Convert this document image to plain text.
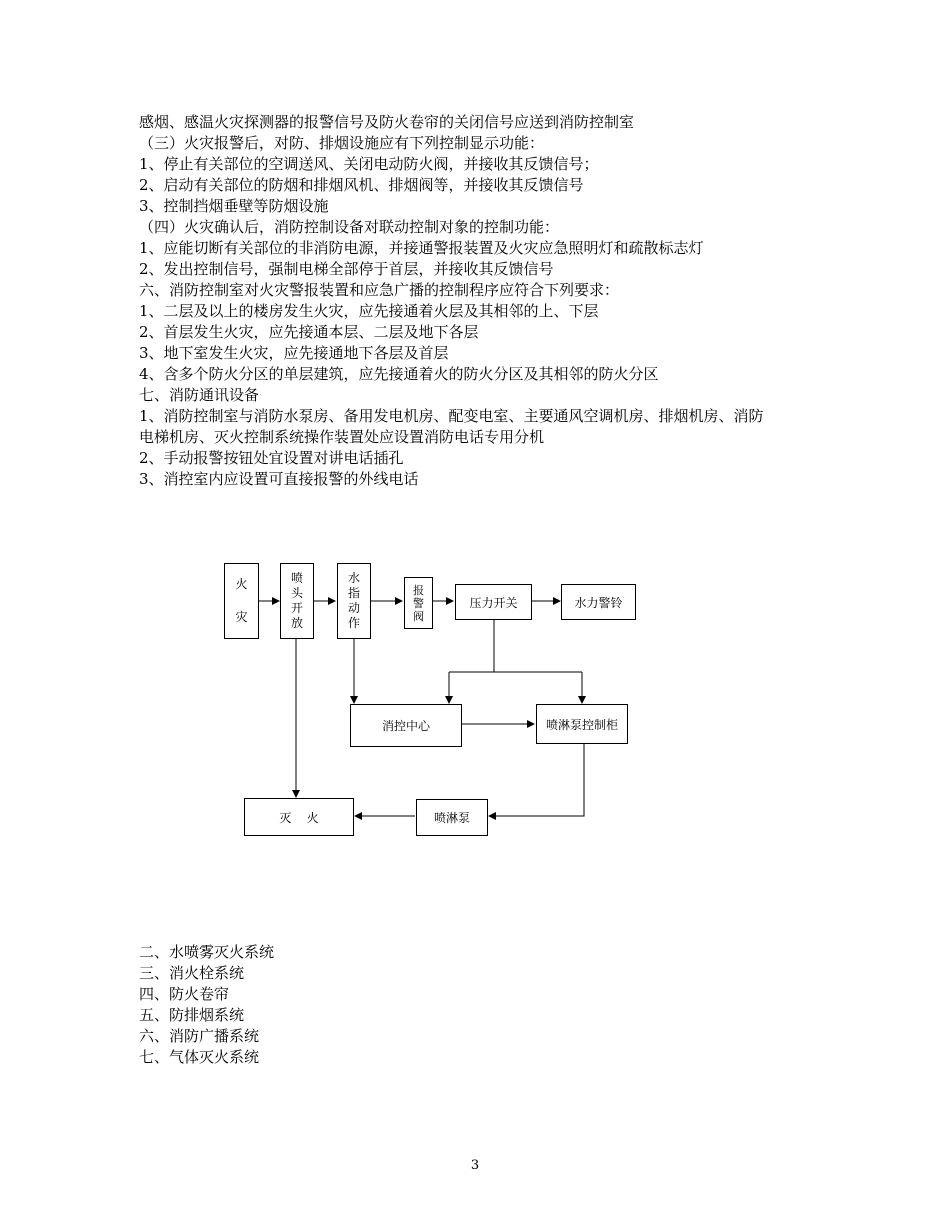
感烟、感温火灾探测器的报警信号及防火卷帘的关闭信号应送到消防控制室
（三）火灾报警后，对防、排烟设施应有下列控制显示功能：
1、停止有关部位的空调送风、关闭电动防火阀，并接收其反馈信号；
2、启动有关部位的防烟和排烟风机、排烟阀等，并接收其反馈信号
3、控制挡烟垂壁等防烟设施
（四）火灾确认后，消防控制设备对联动控制对象的控制功能：
1、应能切断有关部位的非消防电源，并接通警报装置及火灾应急照明灯和疏散标志灯
2、发出控制信号，强制电梯全部停于首层，并接收其反馈信号
六、消防控制室对火灾警报装置和应急广播的控制程序应符合下列要求：
1、二层及以上的楼房发生火灾，应先接通着火层及其相邻的上、下层
2、首层发生火灾，应先接通本层、二层及地下各层
3、地下室发生火灾，应先接通地下各层及首层
4、含多个防火分区的单层建筑，应先接通着火的防火分区及其相邻的防火分区
七、消防通讯设备
1、消防控制室与消防水泵房、备用发电机房、配变电室、主要通风空调机房、排烟机房、消防
电梯机房、灭火控制系统操作装置处应设置消防电话专用分机
2、手动报警按钮处宜设置对讲电话插孔
3、消控室内应设置可直接报警的外线电话
火
灾
喷
头
开
放
水
指
动
作
报
警
阀
压力开关	水力警铃
消控中心	喷淋泵控制柜
喷淋泵
灭    火
二、水喷雾灭火系统
三、消火栓系统
四、防火卷帘
五、防排烟系统
六、消防广播系统
七、气体灭火系统
3
